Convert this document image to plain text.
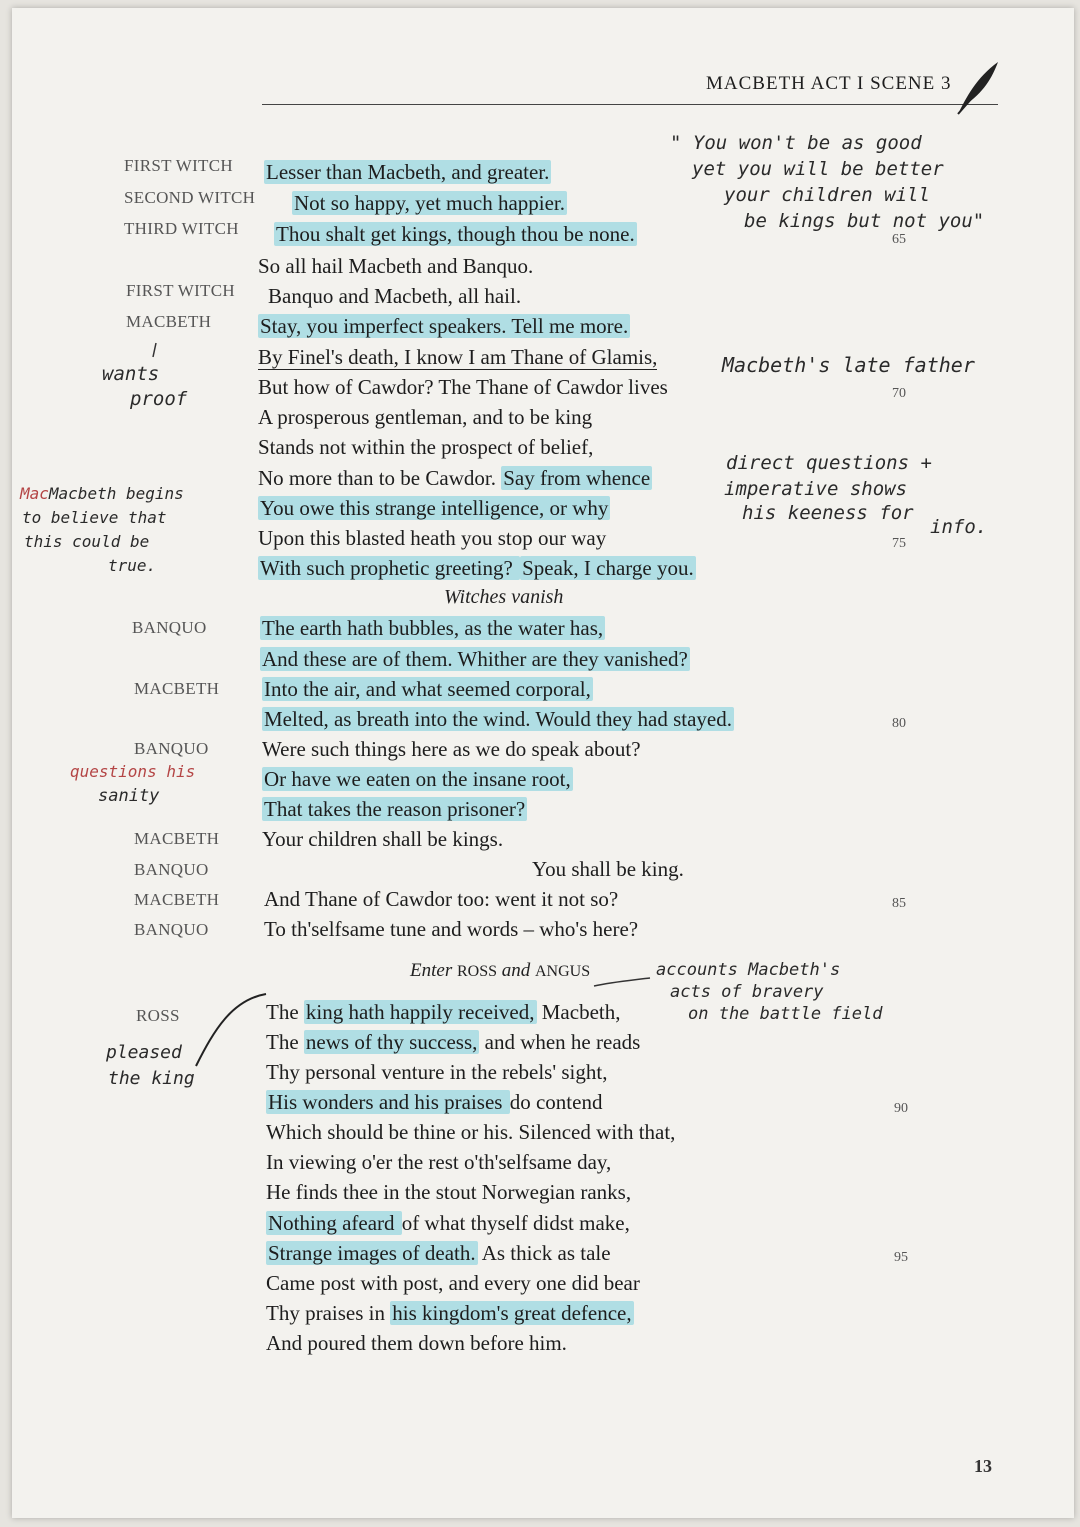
MACBETH ACT I SCENE 3
" You won't be as good
yet you will be better
your children will
be kings but not you"
FIRST WITCH
SECOND WITCH
THIRD WITCH
FIRST WITCH
MACBETH
BANQUO
MACBETH
BANQUO
MACBETH
BANQUO
MACBETH
BANQUO
ROSS
Lesser than Macbeth, and greater.
Not so happy, yet much happier.
Thou shalt get kings, though thou be none.
So all hail Macbeth and Banquo.
Banquo and Macbeth, all hail.
Stay, you imperfect speakers. Tell me more.
By Finel's death, I know I am Thane of Glamis,
But how of Cawdor? The Thane of Cawdor lives
A prosperous gentleman, and to be king
Stands not within the prospect of belief,
No more than to be Cawdor. Say from whence
You owe this strange intelligence, or why
Upon this blasted heath you stop our way
With such prophetic greeting? Speak, I charge you.
Witches vanish
The earth hath bubbles, as the water has,
And these are of them. Whither are they vanished?
Into the air, and what seemed corporal,
Melted, as breath into the wind. Would they had stayed.
Were such things here as we do speak about?
Or have we eaten on the insane root,
That takes the reason prisoner?
Your children shall be kings.
You shall be king.
And Thane of Cawdor too: went it not so?
To th'selfsame tune and words – who's here?
Enter ROSS and ANGUS
The king hath happily received, Macbeth,
The news of thy success, and when he reads
Thy personal venture in the rebels' sight,
His wonders and his praises do contend
Which should be thine or his. Silenced with that,
In viewing o'er the rest o'th'selfsame day,
He finds thee in the stout Norwegian ranks,
Nothing afeard of what thyself didst make,
Strange images of death. As thick as tale
Came post with post, and every one did bear
Thy praises in his kingdom's great defence,
And poured them down before him.
65
70
75
80
85
90
95
Macbeth's late father
wants
proof
MacMacbeth begins
to believe that
this could be
true.
direct questions +
imperative shows
his keeness for
info.
questions his
sanity
accounts Macbeth's
acts of bravery
on the battle field
pleased
the king
13
